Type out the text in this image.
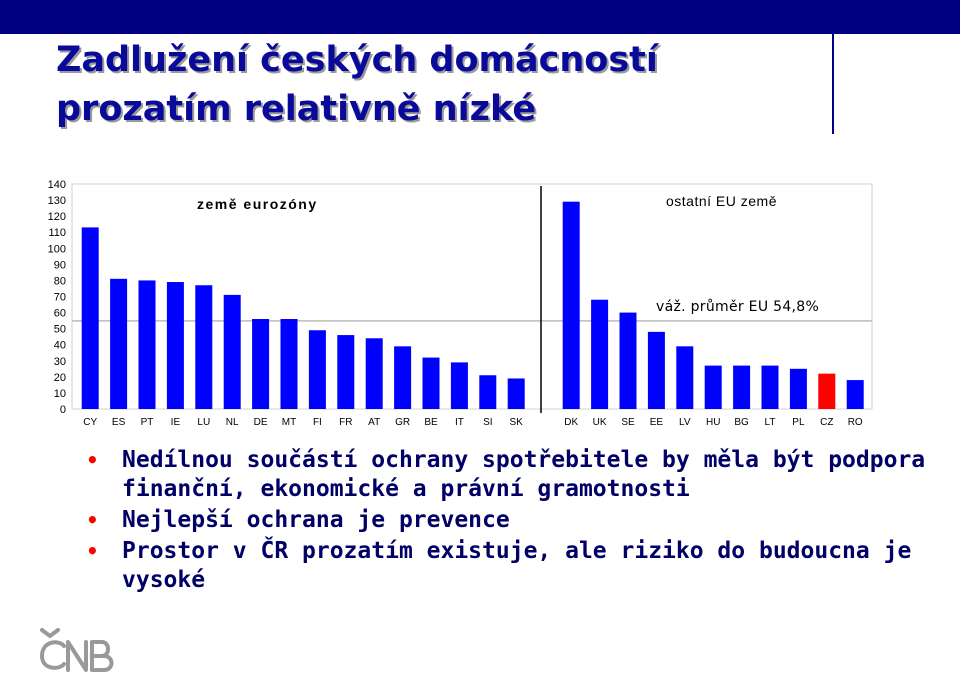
Zadlužení českých domácností
prozatím relativně nízké
0
10
20
30
40
50
60
70
80
90
100
110
120
130
140
CY ES PT IE LU NL DE MT FI FR AT GR BE IT SI SK	DK UK SE EE LV HU BG LT PL CZ RO
země eurozóny	ostatní EU země
váž. průměr EU 54,8%
• Nedílnou součástí ochrany spotřebitele by měla být podpora finanční, ekonomické a právní gramotnosti
• Nejlepší ochrana je prevence
• Prostor v ČR prozatím existuje, ale riziko do budoucna je vysoké
